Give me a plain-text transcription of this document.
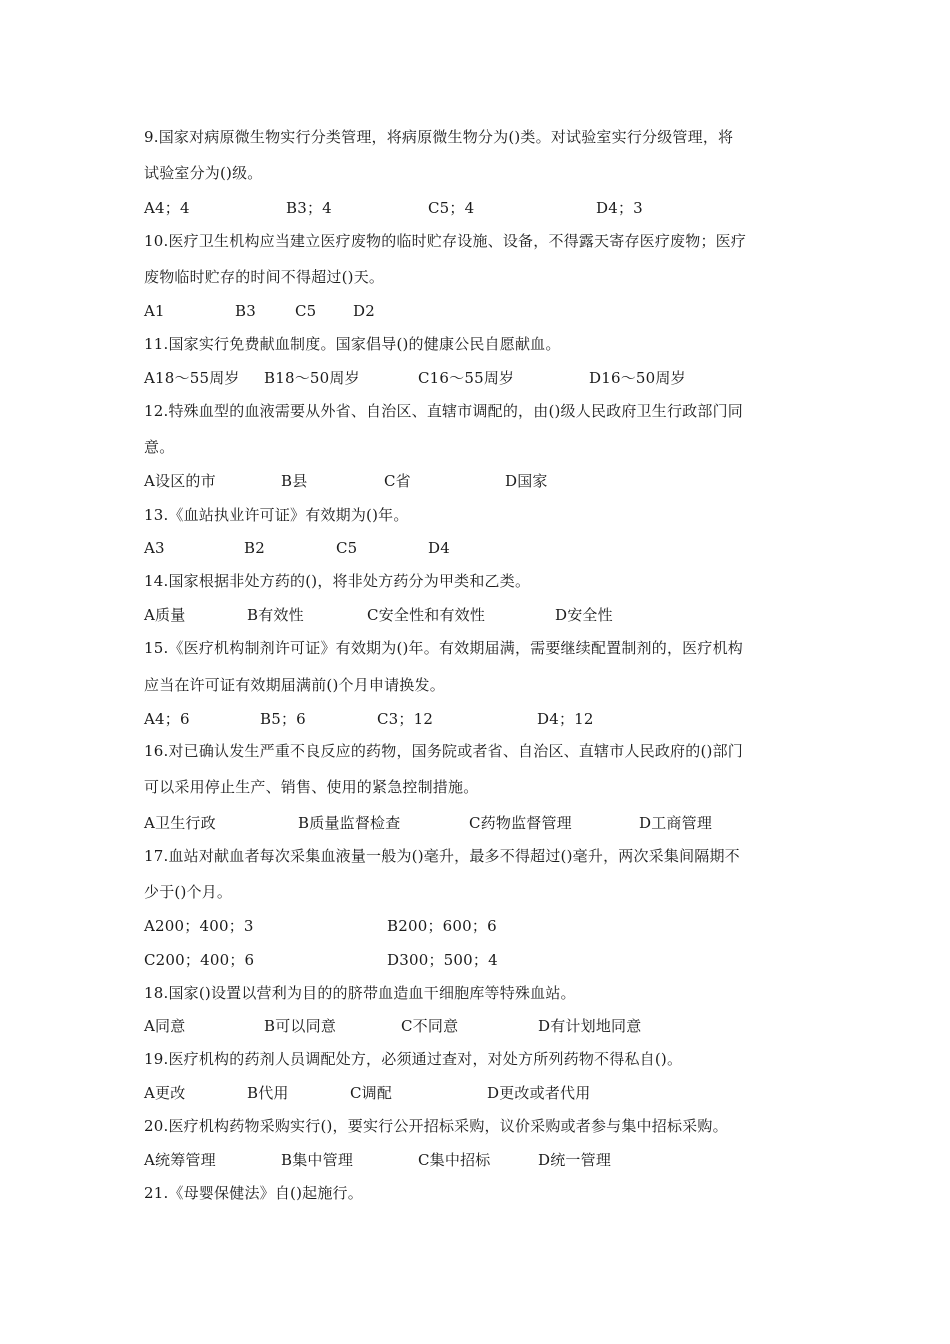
9.国家对病原微生物实行分类管理，将病原微生物分为()类。对试验室实行分级管理，将
试验室分为()级。
A4；4	B3；4	C5；4	D4；3
10.医疗卫生机构应当建立医疗废物的临时贮存设施、设备，不得露天寄存医疗废物；医疗
废物临时贮存的时间不得超过()天。
A1	B3	C5 D2
11.国家实行免费献血制度。国家倡导()的健康公民自愿献血。
A18～55周岁 B18～50周岁	C16～55周岁	D16～50周岁
12.特殊血型的血液需要从外省、自治区、直辖市调配的，由()级人民政府卫生行政部门同
意。
A设区的市	B县	C省	D国家
13.《血站执业许可证》有效期为()年。
A3	B2	C5	D4
14.国家根据非处方药的()，将非处方药分为甲类和乙类。
A质量	B有效性	C安全性和有效性	D安全性
15.《医疗机构制剂许可证》有效期为()年。有效期届满，需要继续配置制剂的，医疗机构
应当在许可证有效期届满前()个月申请换发。
A4；6	B5；6	C3；12	D4；12
16.对已确认发生严重不良反应的药物，国务院或者省、自治区、直辖市人民政府的()部门
可以采用停止生产、销售、使用的紧急控制措施。
A卫生行政	B质量监督检查	C药物监督管理	D工商管理
17.血站对献血者每次采集血液量一般为()毫升，最多不得超过()毫升，两次采集间隔期不
少于()个月。
A200；400；3	B200；600；6
C200；400；6	D300；500；4
18.国家()设置以营利为目的的脐带血造血干细胞库等特殊血站。
A同意	B可以同意	C不同意	D有计划地同意
19.医疗机构的药剂人员调配处方，必须通过查对，对处方所列药物不得私自()。
A更改	B代用	C调配	D更改或者代用
20.医疗机构药物采购实行()，要实行公开招标采购，议价采购或者参与集中招标采购。
A统筹管理	B集中管理	C集中招标	D统一管理
21.《母婴保健法》自()起施行。
